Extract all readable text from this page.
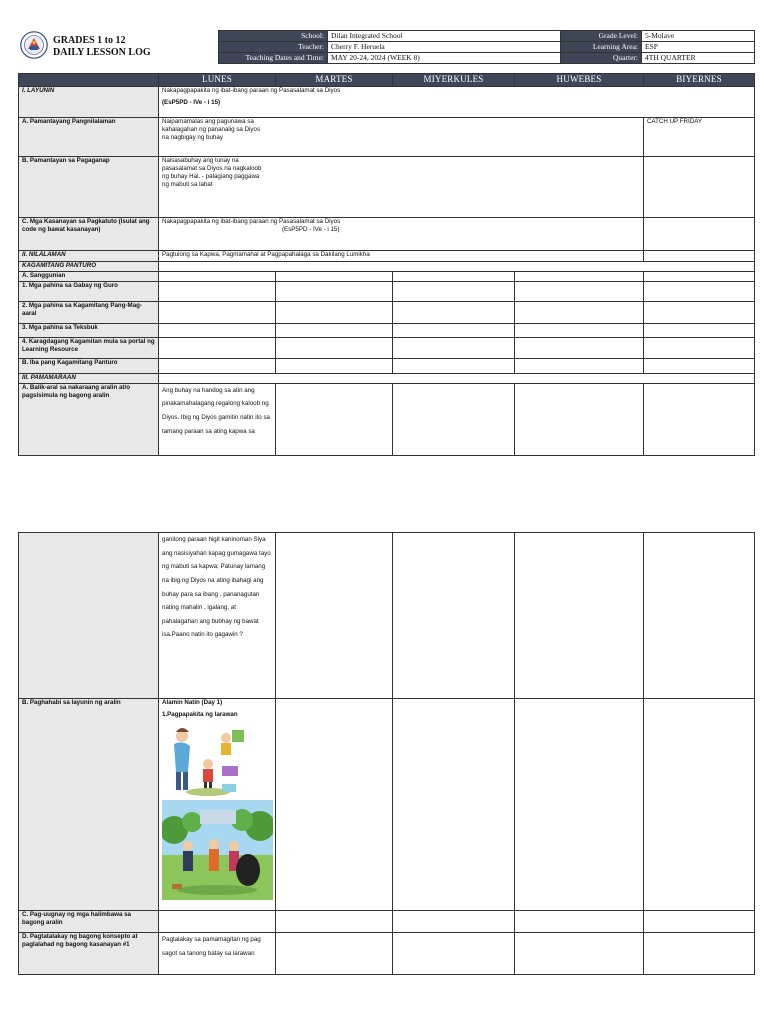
GRADES 1 to 12
DAILY LESSON LOG
School:	Dilan Integrated School	Grade Level:	5-Molave
Teacher:	Cherry F. Heruela	Learning Area:	ESP
Teaching Dates and Time:	MAY 20-24, 2024 (WEEK 8)	Quarter:	4TH QUARTER
	LUNES	MARTES	MIYERKULES	HUWEBES	BIYERNES
I. LAYUNIN	Nakapagpapakita ng ibat-ibang paraan ng Pasasalamat sa Diyos
(EsP5PD - IVe - i 15)				

A. Pamantayang Pangnilalaman	Naipamamalas ang pagunawa sa kahalagahan ng pananalig sa Diyos na nagbigay ng buhay				CATCH UP FRIDAY
B. Pamantayan sa Pagaganap	Naisasabuhay ang tunay na pasasalamat sa Diyos na nagkaloob ng buhay Hal. - palagiang paggawa ng mabuti sa lahat				

C. Mga Kasanayan sa Pagkatuto (Isulat ang code ng bawat kasanayan)	Nakapagpapakita ng ibat-ibang paraan ng Pasasalamat sa Diyos
(EsP5PD - IVe - i 15)				

II. NILALAMAN	Pagtulong sa Kapwa, Pagmamahal at Pagpapahalaga sa Dakilang Lumikha				
KAGAMITANG PANTURO					
A. Sanggunian					
1. Mga pahina sa Gabay ng Guro					
2. Mga pahina sa Kagamitang Pang-Mag-aaral					
3. Mga pahina sa Teksbuk					
4. Karagdagang Kagamitan mula sa portal ng Learning Resource					
B. Iba pang Kagamitang Panturo					
III. PAMAMARAAN					
A. Balik-aral sa nakaraang aralin at/o pagsisimula ng bagong aralin	Ang buhay na handog sa atin ang pinakamahalagang regalong kaloob ng Diyos. Ibig ng Diyos gamitin natin ito sa tamang paraan sa ating kapwa sa				
	ganitong paraan higit kaninoman Siya ang nasisiyahan kapag gumagawa tayo ng mabuti sa kapwa; Patunay lamang na ibig ng Diyos na ating ibahagi ang buhay para sa ibang , pananagutan nating mahalin , igalang, at pahalagahan ang bubhay ng bawat isa.Paano natin ito gagawin ?				
B. Paghahabi sa layunin ng aralin	Alamin Natin (Day 1)
1.Pagpapakita ng larawan				

C. Pag-uugnay ng mga halimbawa sa bagong aralin					
D. Pagtatalakay ng bagong konsepto at paglalahad ng bagong kasanayan #1	Pagtalakay sa pamamagitan ng pag sagot sa tanong batay sa larawan				
